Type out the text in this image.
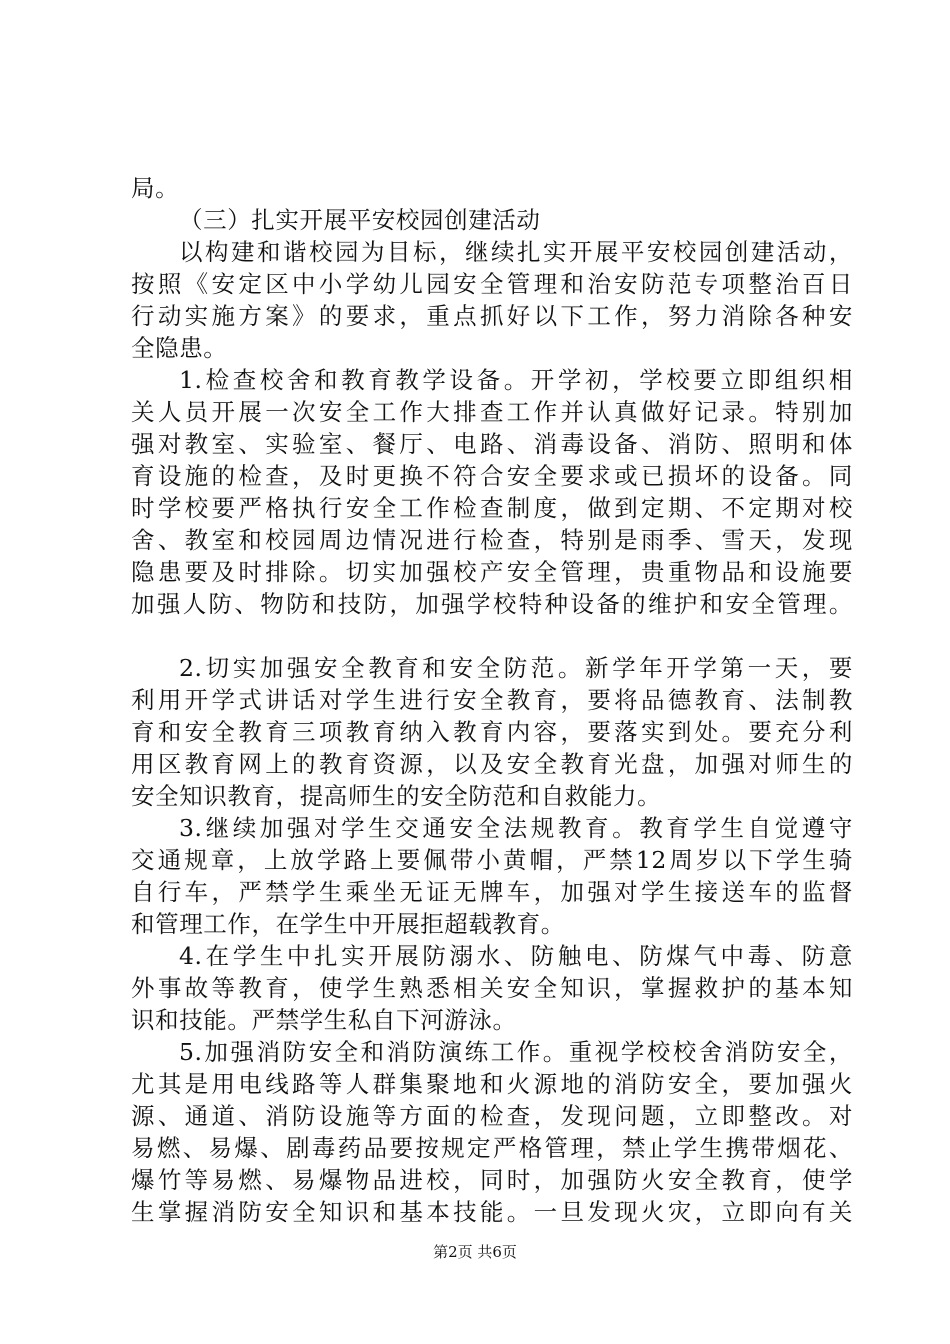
局。
（三）扎实开展平安校园创建活动
以构建和谐校园为目标，继续扎实开展平安校园创建活动，
按照《安定区中小学幼儿园安全管理和治安防范专项整治百日
行动实施方案》的要求，重点抓好以下工作，努力消除各种安
全隐患。
1.检查校舍和教育教学设备。开学初，学校要立即组织相
关人员开展一次安全工作大排查工作并认真做好记录。特别加
强对教室、实验室、餐厅、电路、消毒设备、消防、照明和体
育设施的检查，及时更换不符合安全要求或已损坏的设备。同
时学校要严格执行安全工作检查制度，做到定期、不定期对校
舍、教室和校园周边情况进行检查，特别是雨季、雪天，发现
隐患要及时排除。切实加强校产安全管理，贵重物品和设施要
加强人防、物防和技防，加强学校特种设备的维护和安全管理。
2.切实加强安全教育和安全防范。新学年开学第一天，要
利用开学式讲话对学生进行安全教育，要将品德教育、法制教
育和安全教育三项教育纳入教育内容，要落实到处。要充分利
用区教育网上的教育资源，以及安全教育光盘，加强对师生的
安全知识教育，提高师生的安全防范和自救能力。
3.继续加强对学生交通安全法规教育。教育学生自觉遵守
交通规章，上放学路上要佩带小黄帽，严禁12周岁以下学生骑
自行车，严禁学生乘坐无证无牌车，加强对学生接送车的监督
和管理工作，在学生中开展拒超载教育。
4.在学生中扎实开展防溺水、防触电、防煤气中毒、防意
外事故等教育，使学生熟悉相关安全知识，掌握救护的基本知
识和技能。严禁学生私自下河游泳。
5.加强消防安全和消防演练工作。重视学校校舍消防安全，
尤其是用电线路等人群集聚地和火源地的消防安全，要加强火
源、通道、消防设施等方面的检查，发现问题，立即整改。对
易燃、易爆、剧毒药品要按规定严格管理，禁止学生携带烟花、
爆竹等易燃、易爆物品进校，同时，加强防火安全教育，使学
生掌握消防安全知识和基本技能。一旦发现火灾，立即向有关
第2页 共6页
